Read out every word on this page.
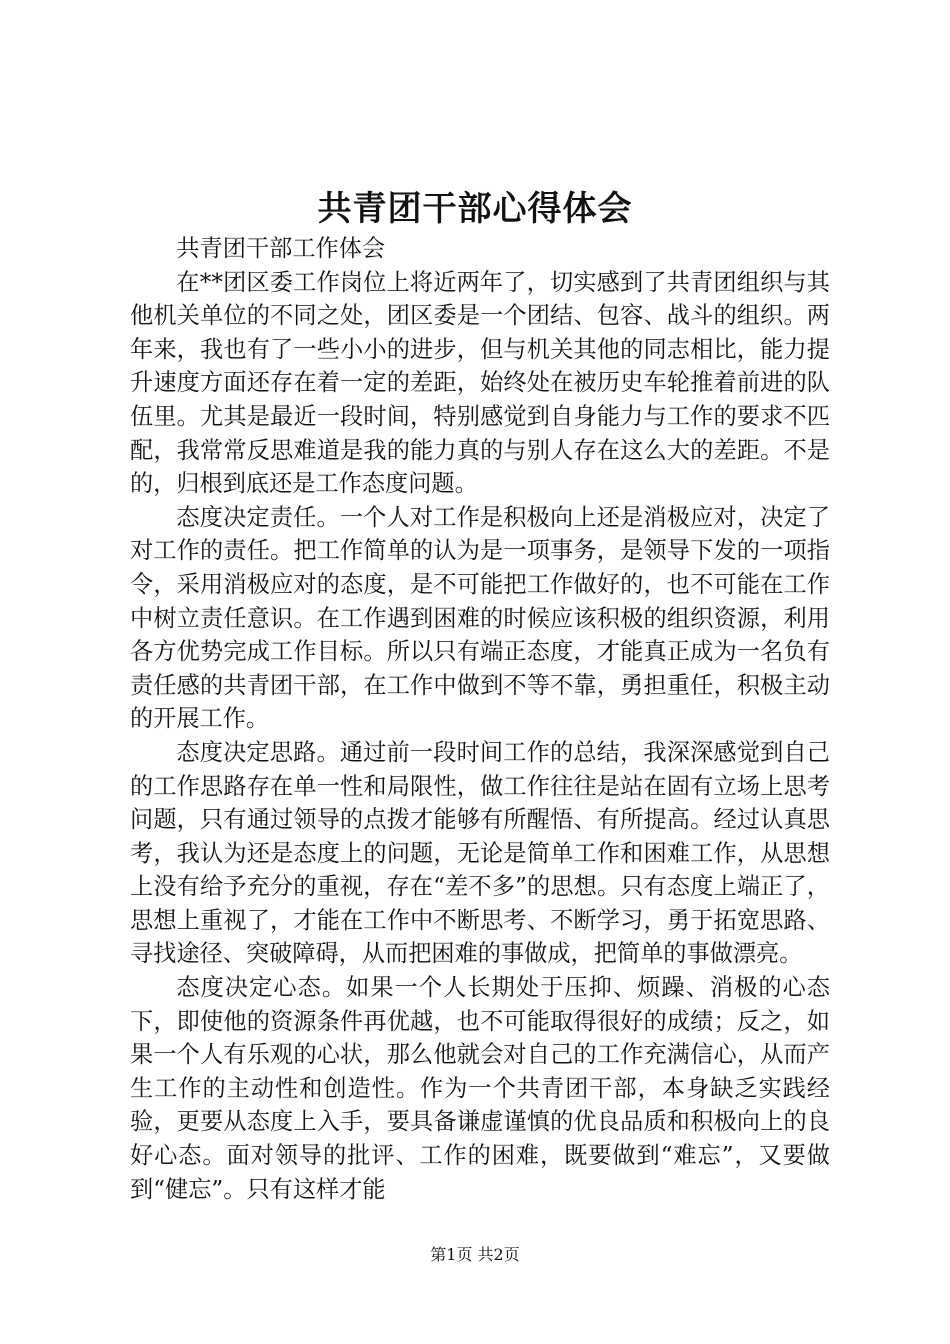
共青团干部心得体会

共青团干部工作体会

在**团区委工作岗位上将近两年了，切实感到了共青团组织与其他机关单位的不同之处，团区委是一个团结、包容、战斗的组织。两年来，我也有了一些小小的进步，但与机关其他的同志相比，能力提升速度方面还存在着一定的差距，始终处在被历史车轮推着前进的队伍里。尤其是最近一段时间，特别感觉到自身能力与工作的要求不匹配，我常常反思难道是我的能力真的与别人存在这么大的差距。不是的，归根到底还是工作态度问题。

态度决定责任。一个人对工作是积极向上还是消极应对，决定了对工作的责任。把工作简单的认为是一项事务，是领导下发的一项指令，采用消极应对的态度，是不可能把工作做好的，也不可能在工作中树立责任意识。在工作遇到困难的时候应该积极的组织资源，利用各方优势完成工作目标。所以只有端正态度，才能真正成为一名负有责任感的共青团干部，在工作中做到不等不靠，勇担重任，积极主动的开展工作。

态度决定思路。通过前一段时间工作的总结，我深深感觉到自己的工作思路存在单一性和局限性，做工作往往是站在固有立场上思考问题，只有通过领导的点拨才能够有所醒悟、有所提高。经过认真思考，我认为还是态度上的问题，无论是简单工作和困难工作，从思想上没有给予充分的重视，存在“差不多”的思想。只有态度上端正了，思想上重视了，才能在工作中不断思考、不断学习，勇于拓宽思路、寻找途径、突破障碍，从而把困难的事做成，把简单的事做漂亮。

态度决定心态。如果一个人长期处于压抑、烦躁、消极的心态下，即使他的资源条件再优越，也不可能取得很好的成绩；反之，如果一个人有乐观的心状，那么他就会对自己的工作充满信心，从而产生工作的主动性和创造性。作为一个共青团干部，本身缺乏实践经验，更要从态度上入手，要具备谦虚谨慎的优良品质和积极向上的良好心态。面对领导的批评、工作的困难，既要做到“难忘”，又要做到“健忘”。只有这样才能

第1页 共2页
